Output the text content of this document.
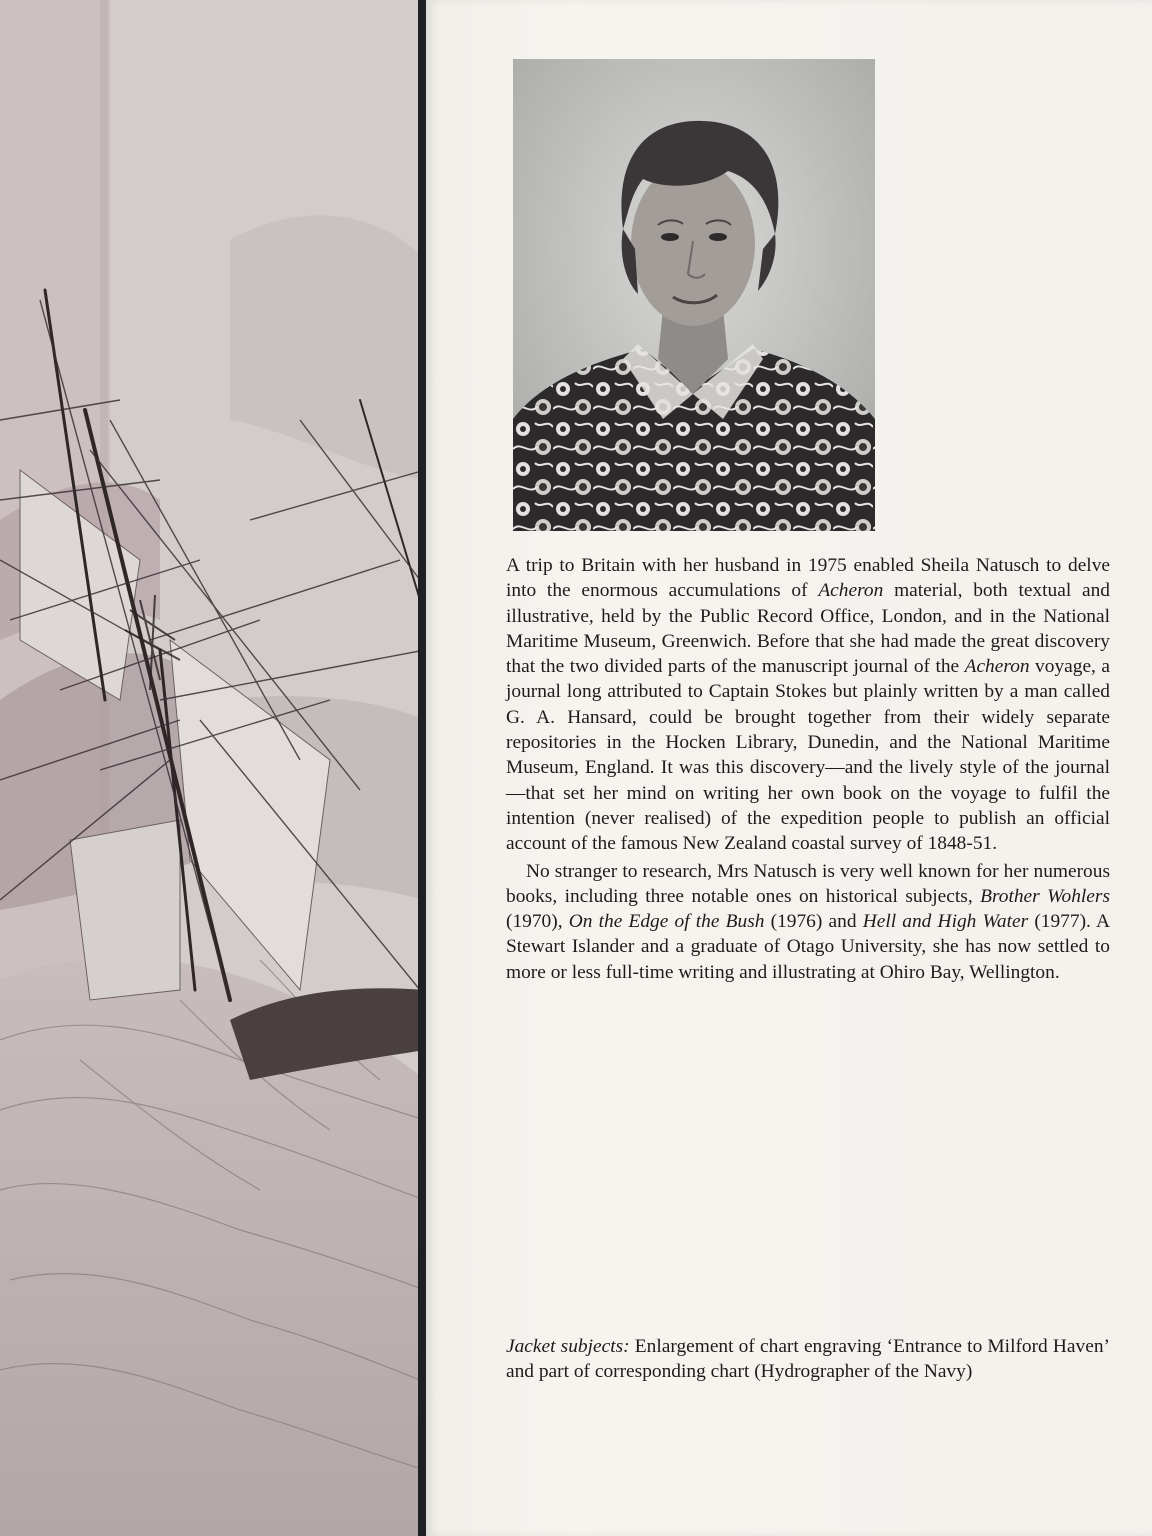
A trip to Britain with her husband in 1975 enabled Sheila Natusch to delve into the enormous accumulations of Acheron material, both textual and illustrative, held by the Public Record Office, London, and in the National Maritime Museum, Greenwich. Before that she had made the great discovery that the two divided parts of the manuscript journal of the Acheron voyage, a journal long attributed to Captain Stokes but plainly written by a man called G. A. Hansard, could be brought together from their widely separate repositories in the Hocken Library, Dunedin, and the National Maritime Museum, England. It was this discovery—and the lively style of the journal—that set her mind on writing her own book on the voyage to fulfil the intention (never realised) of the expedition people to publish an official account of the famous New Zealand coastal survey of 1848-51.

No stranger to research, Mrs Natusch is very well known for her numerous books, including three notable ones on historical subjects, Brother Wohlers (1970), On the Edge of the Bush (1976) and Hell and High Water (1977). A Stewart Islander and a graduate of Otago University, she has now settled to more or less full-time writing and illustrating at Ohiro Bay, Wellington.

Jacket subjects: Enlargement of chart engraving ‘Entrance to Milford Haven’ and part of corresponding chart (Hydrographer of the Navy)
